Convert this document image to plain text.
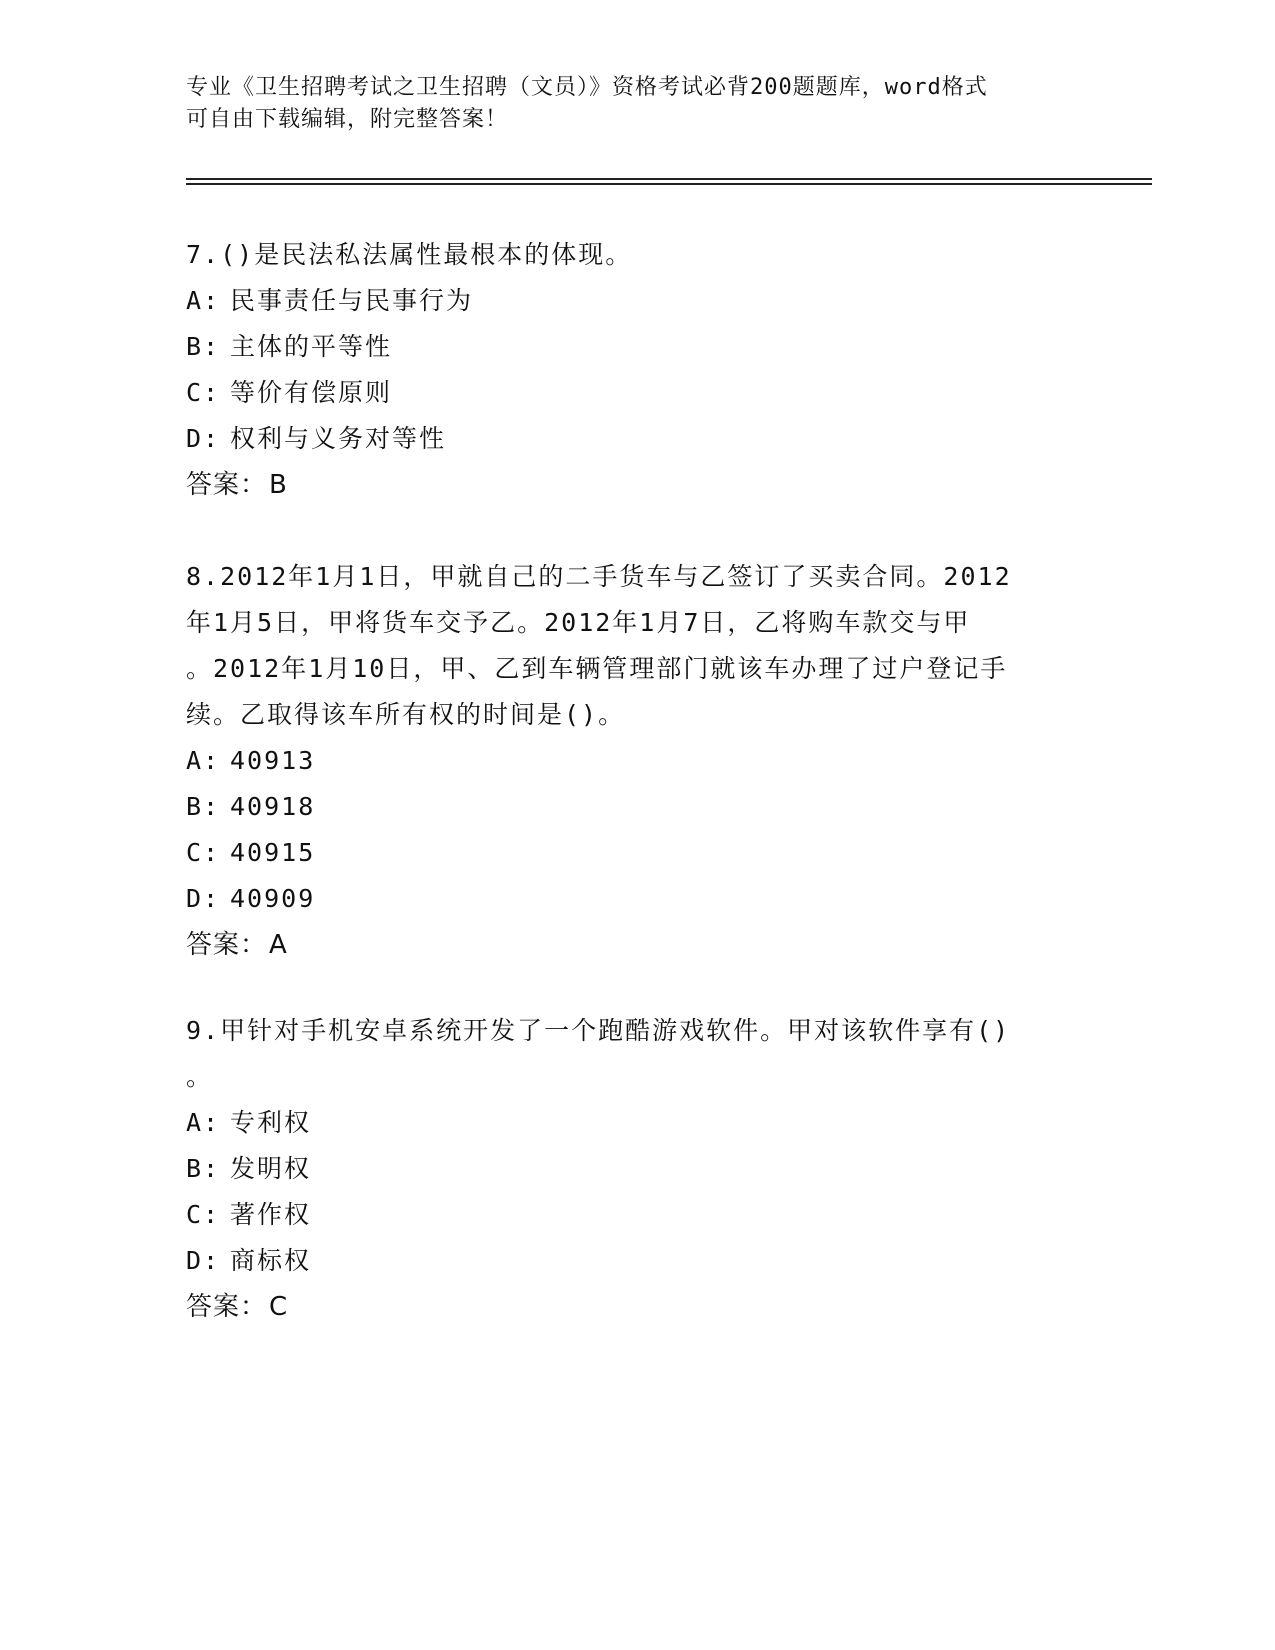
专业《卫生招聘考试之卫生招聘（文员）》资格考试必背200题题库，word格式
可自由下载编辑，附完整答案！
7.()是民法私法属性最根本的体现。
A: 民事责任与民事行为
B: 主体的平等性
C: 等价有偿原则
D: 权利与义务对等性
答案：B
8.2012年1月1日，甲就自己的二手货车与乙签订了买卖合同。2012
年1月5日，甲将货车交予乙。2012年1月7日，乙将购车款交与甲
。2012年1月10日，甲、乙到车辆管理部门就该车办理了过户登记手
续。乙取得该车所有权的时间是()。
A: 40913
B: 40918
C: 40915
D: 40909
答案：A
9.甲针对手机安卓系统开发了一个跑酷游戏软件。甲对该软件享有()
。
A: 专利权
B: 发明权
C: 著作权
D: 商标权
答案：C
